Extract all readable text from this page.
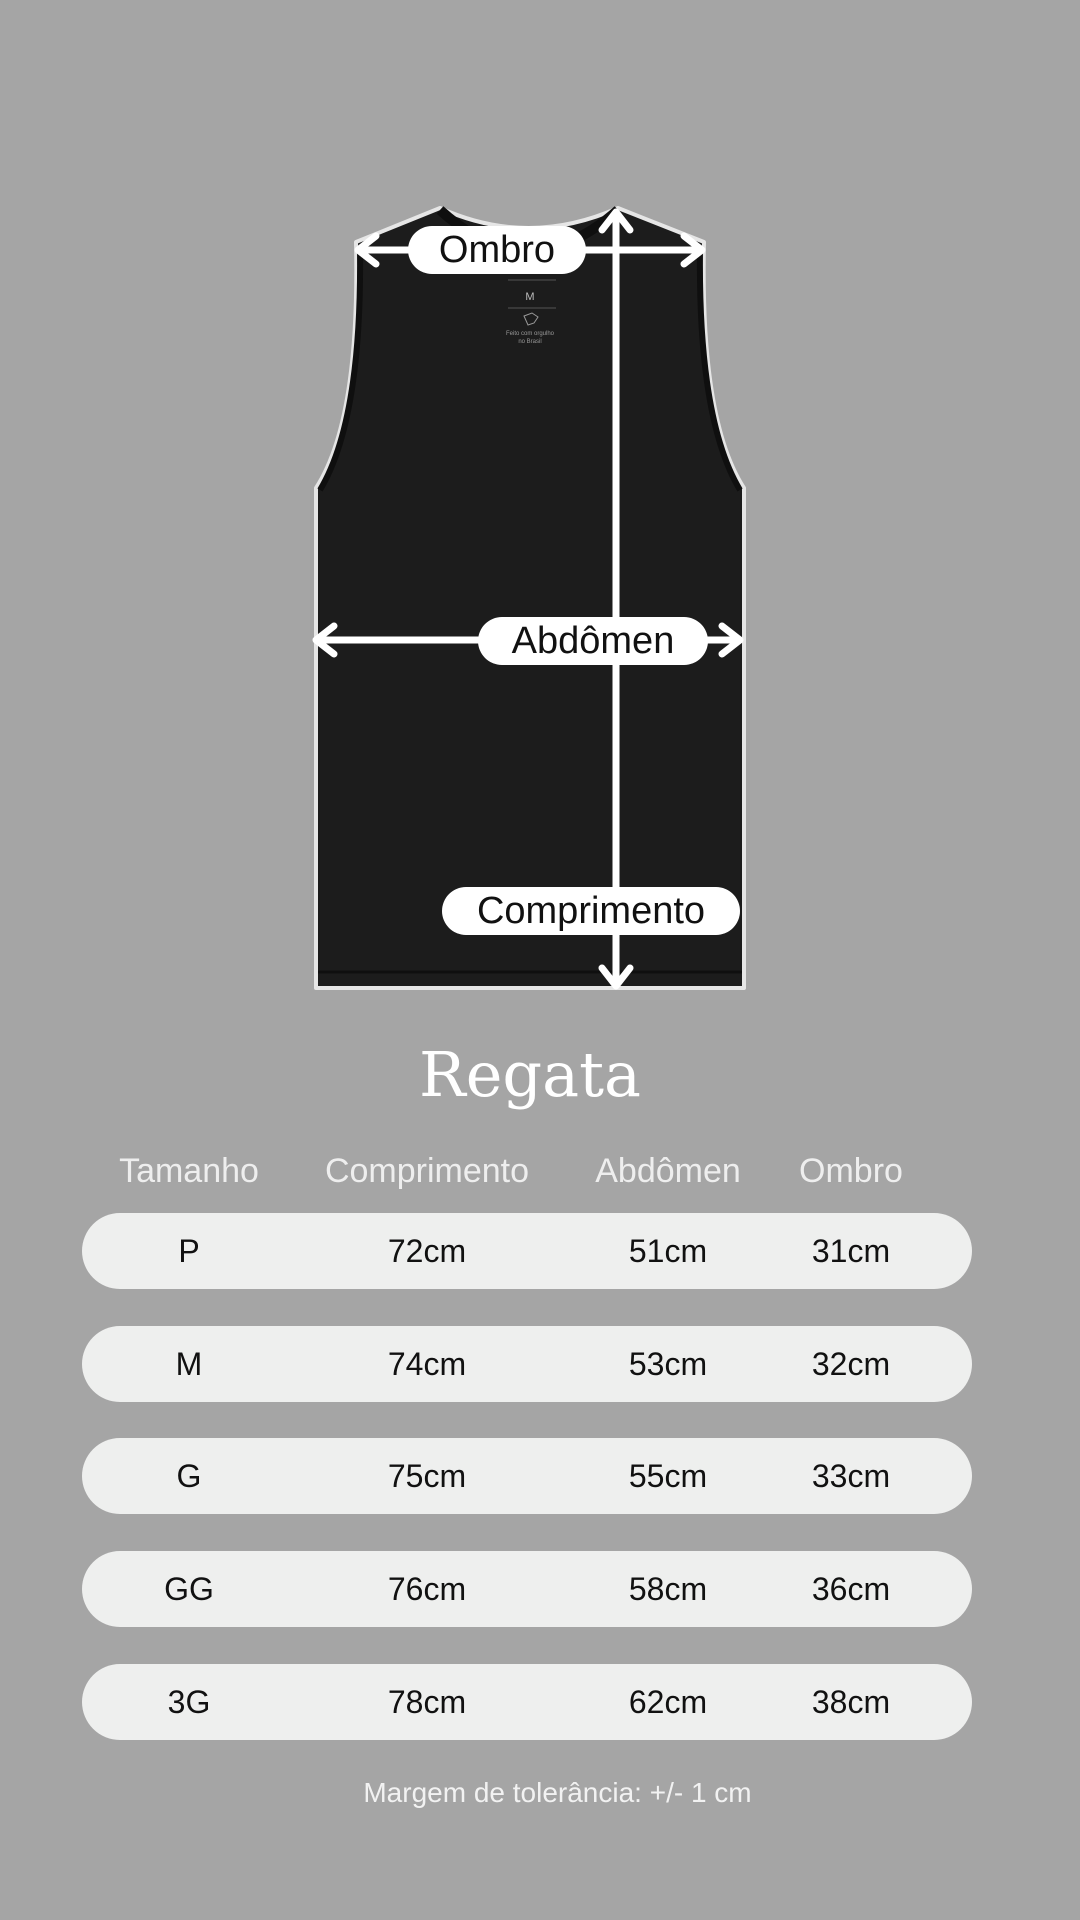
M
Feito com orgulho
no Brasil
Ombro
Abdômen
Comprimento
Regata
Tamanho Comprimento Abdômen Ombro
P	72cm	51cm	31cm
M	74cm	53cm	32cm
G	75cm	55cm	33cm
GG	76cm	58cm	36cm
3G	78cm	62cm	38cm
Margem de tolerância: +/- 1 cm
